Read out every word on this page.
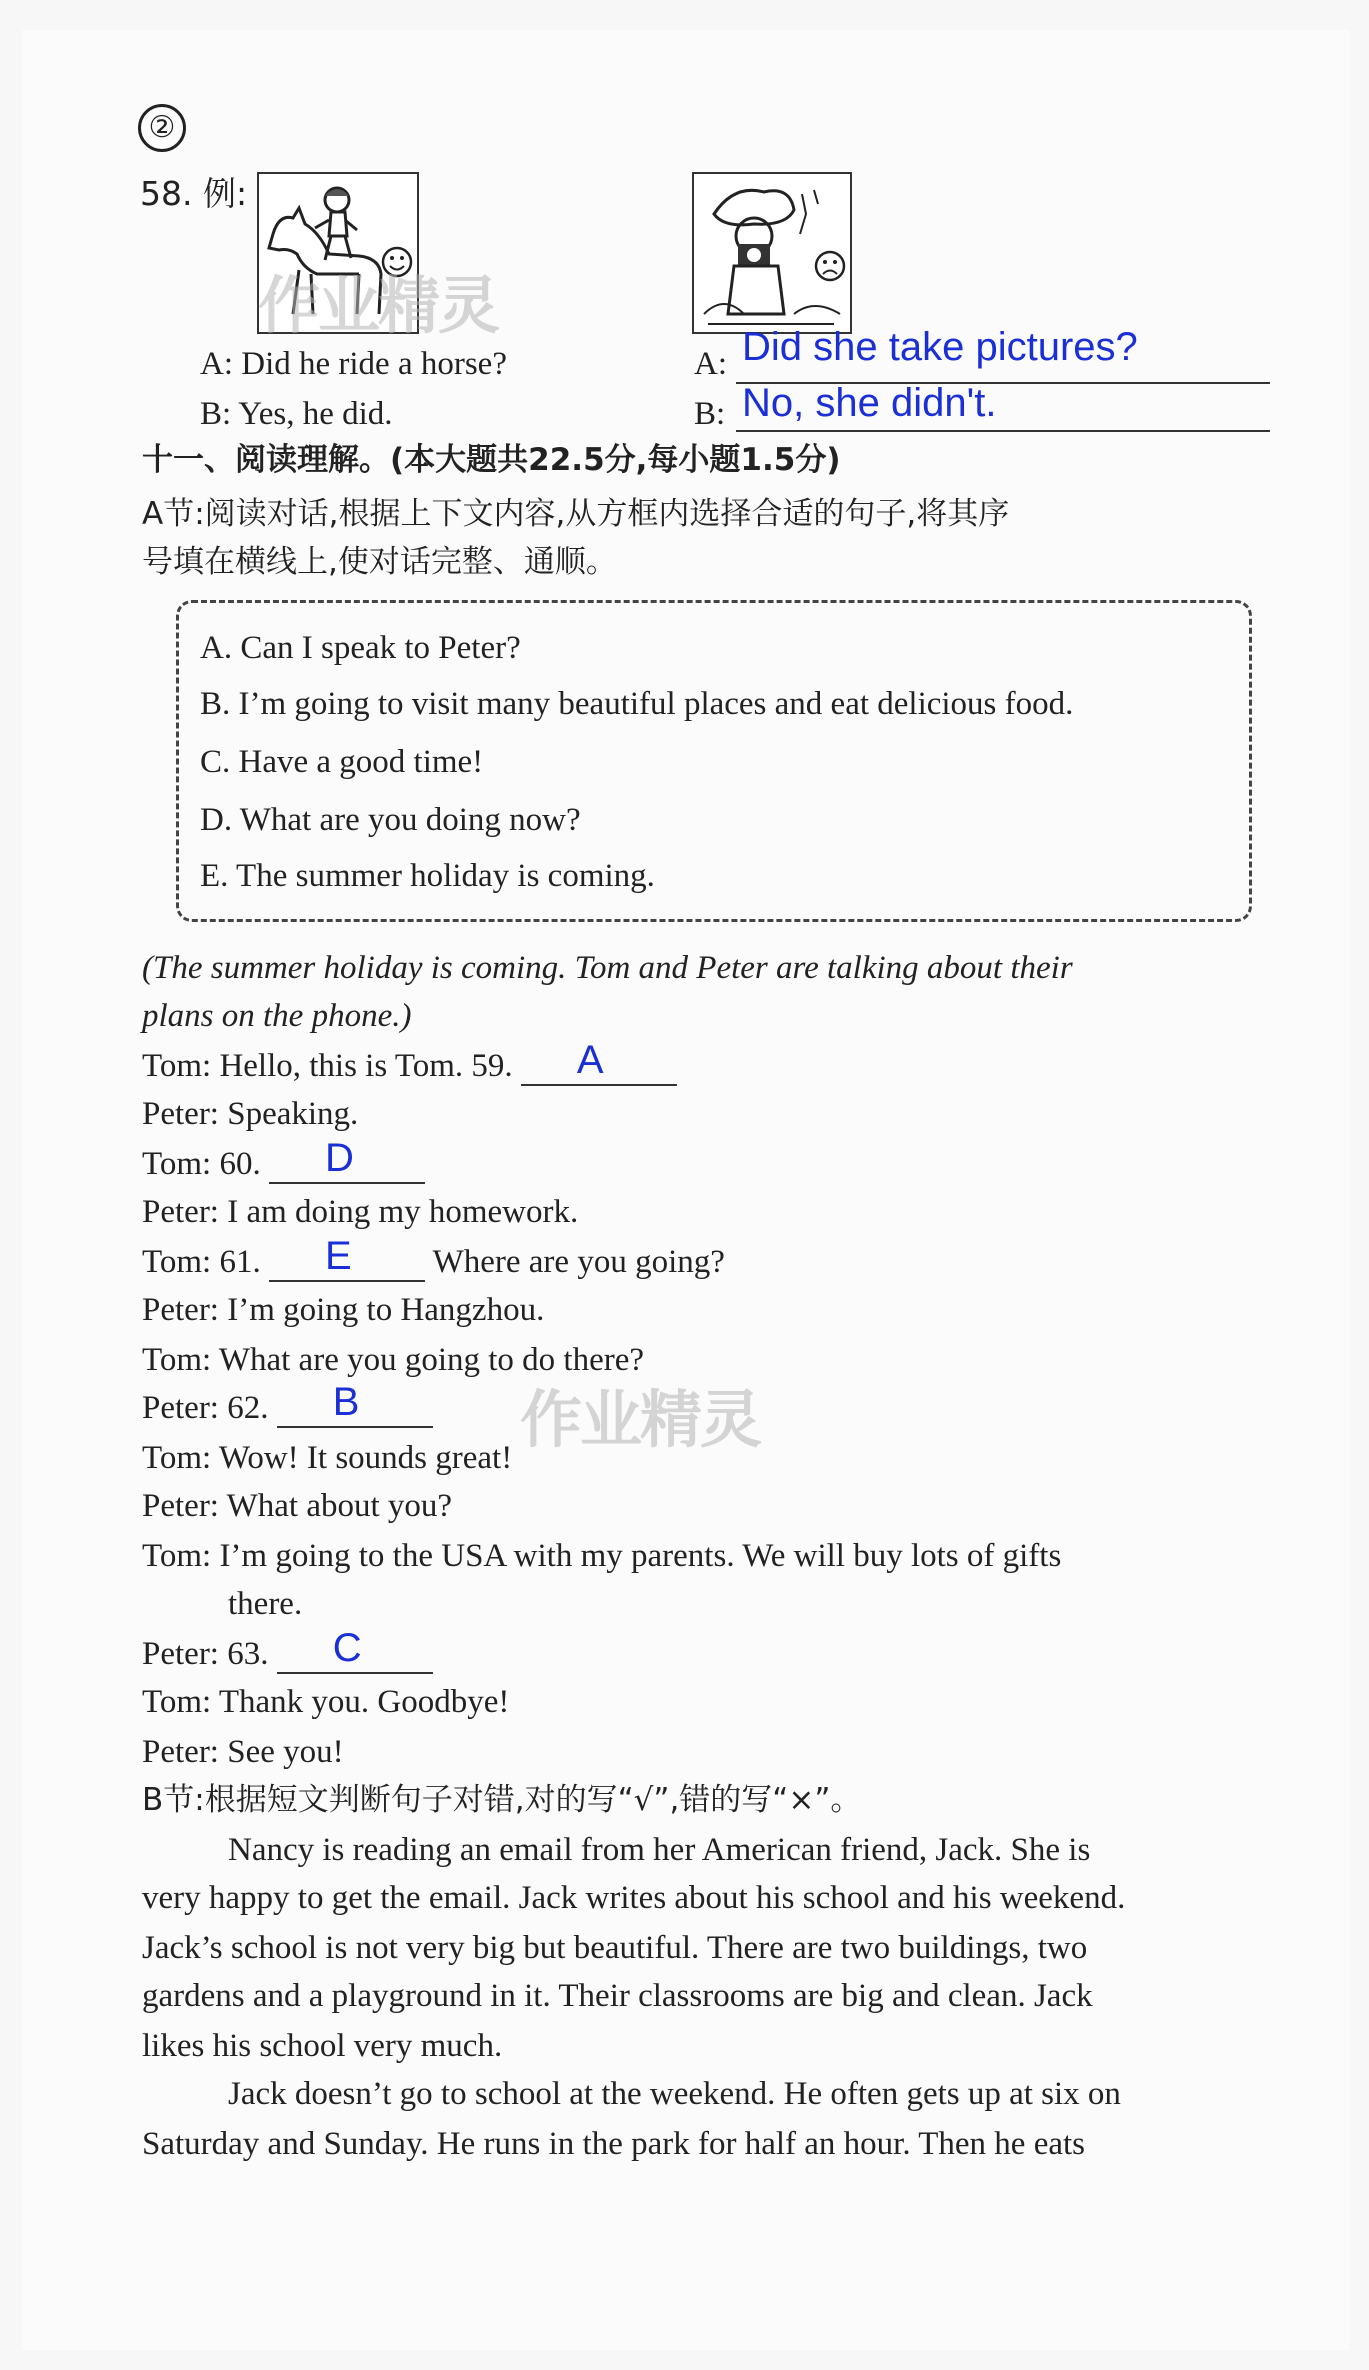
②
58. 例:
作业精灵
A: Did he ride a horse?
B: Yes, he did.
A: Did she take pictures?
B: No, she didn't.
十一、阅读理解。(本大题共22.5分,每小题1.5分)
A节:阅读对话,根据上下文内容,从方框内选择合适的句子,将其序
号填在横线上,使对话完整、通顺。
A. Can I speak to Peter?
B. I’m going to visit many beautiful places and eat delicious food.
C. Have a good time!
D. What are you doing now?
E. The summer holiday is coming.
(The summer holiday is coming. Tom and Peter are talking about their
plans on the phone.)
Tom: Hello, this is Tom. 59. A
Peter: Speaking.
Tom: 60. D
Peter: I am doing my homework.
Tom: 61. E Where are you going?
Peter: I’m going to Hangzhou.
Tom: What are you going to do there?
Peter: 62. B	作业精灵
Tom: Wow! It sounds great!
Peter: What about you?
Tom: I’m going to the USA with my parents. We will buy lots of gifts
there.
Peter: 63. C
Tom: Thank you. Goodbye!
Peter: See you!
B节:根据短文判断句子对错,对的写“√”,错的写“×”。
Nancy is reading an email from her American friend, Jack. She is
very happy to get the email. Jack writes about his school and his weekend.
Jack’s school is not very big but beautiful. There are two buildings, two
gardens and a playground in it. Their classrooms are big and clean. Jack
likes his school very much.
Jack doesn’t go to school at the weekend. He often gets up at six on
Saturday and Sunday. He runs in the park for half an hour. Then he eats
